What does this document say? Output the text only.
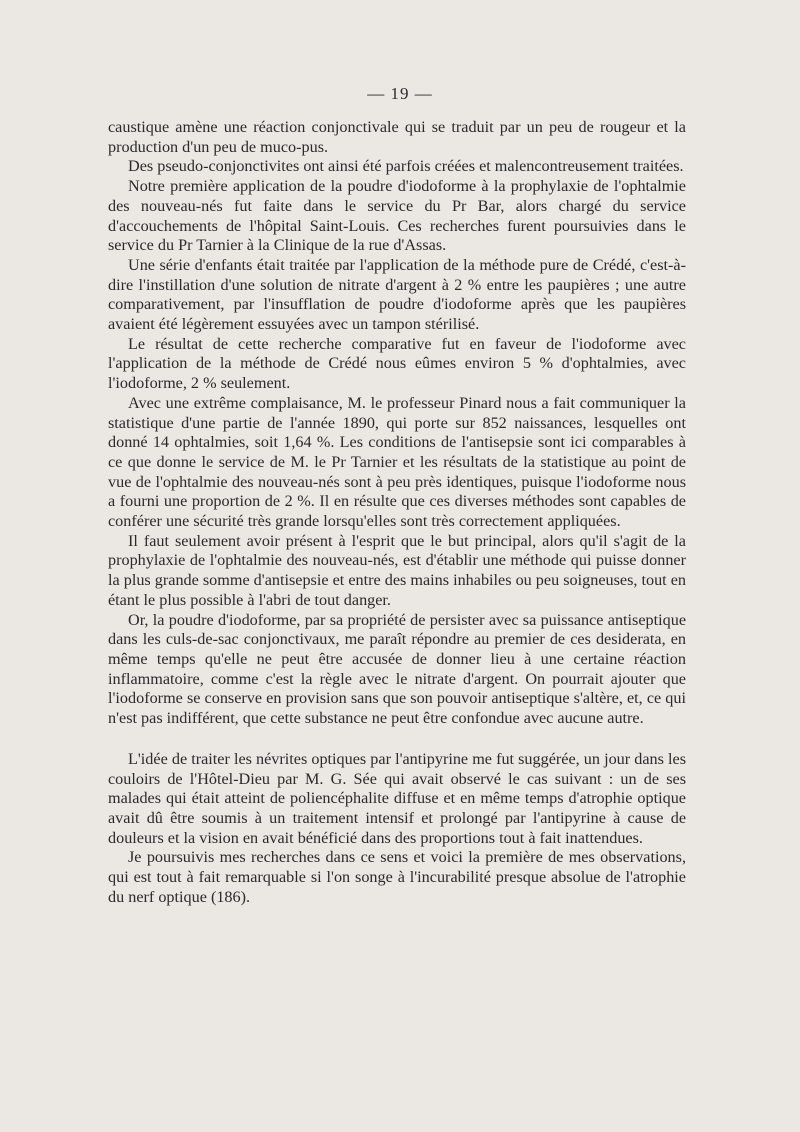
— 19 —

caustique amène une réaction conjonctivale qui se traduit par un peu de rougeur et la production d'un peu de muco-pus.

Des pseudo-conjonctivites ont ainsi été parfois créées et malencontreusement traitées.

Notre première application de la poudre d'iodoforme à la prophylaxie de l'ophtalmie des nouveau-nés fut faite dans le service du Pr Bar, alors chargé du service d'accouchements de l'hôpital Saint-Louis. Ces recherches furent poursuivies dans le service du Pr Tarnier à la Clinique de la rue d'Assas.

Une série d'enfants était traitée par l'application de la méthode pure de Crédé, c'est-à-dire l'instillation d'une solution de nitrate d'argent à 2 % entre les paupières ; une autre comparativement, par l'insufflation de poudre d'iodoforme après que les paupières avaient été légèrement essuyées avec un tampon stérilisé.

Le résultat de cette recherche comparative fut en faveur de l'iodoforme avec l'application de la méthode de Crédé nous eûmes environ 5 % d'ophtalmies, avec l'iodoforme, 2 % seulement.

Avec une extrême complaisance, M. le professeur Pinard nous a fait communiquer la statistique d'une partie de l'année 1890, qui porte sur 852 naissances, lesquelles ont donné 14 ophtalmies, soit 1,64 %. Les conditions de l'antisepsie sont ici comparables à ce que donne le service de M. le Pr Tarnier et les résultats de la statistique au point de vue de l'ophtalmie des nouveau-nés sont à peu près identiques, puisque l'iodoforme nous a fourni une proportion de 2 %. Il en résulte que ces diverses méthodes sont capables de conférer une sécurité très grande lorsqu'elles sont très correctement appliquées.

Il faut seulement avoir présent à l'esprit que le but principal, alors qu'il s'agit de la prophylaxie de l'ophtalmie des nouveau-nés, est d'établir une méthode qui puisse donner la plus grande somme d'antisepsie et entre des mains inhabiles ou peu soigneuses, tout en étant le plus possible à l'abri de tout danger.

Or, la poudre d'iodoforme, par sa propriété de persister avec sa puissance antiseptique dans les culs-de-sac conjonctivaux, me paraît répondre au premier de ces desiderata, en même temps qu'elle ne peut être accusée de donner lieu à une certaine réaction inflammatoire, comme c'est la règle avec le nitrate d'argent. On pourrait ajouter que l'iodoforme se conserve en provision sans que son pouvoir antiseptique s'altère, et, ce qui n'est pas indifférent, que cette substance ne peut être confondue avec aucune autre.

L'idée de traiter les névrites optiques par l'antipyrine me fut suggérée, un jour dans les couloirs de l'Hôtel-Dieu par M. G. Sée qui avait observé le cas suivant : un de ses malades qui était atteint de poliencéphalite diffuse et en même temps d'atrophie optique avait dû être soumis à un traitement intensif et prolongé par l'antipyrine à cause de douleurs et la vision en avait bénéficié dans des proportions tout à fait inattendues.

Je poursuivis mes recherches dans ce sens et voici la première de mes observations, qui est tout à fait remarquable si l'on songe à l'incurabilité presque absolue de l'atrophie du nerf optique (186).
